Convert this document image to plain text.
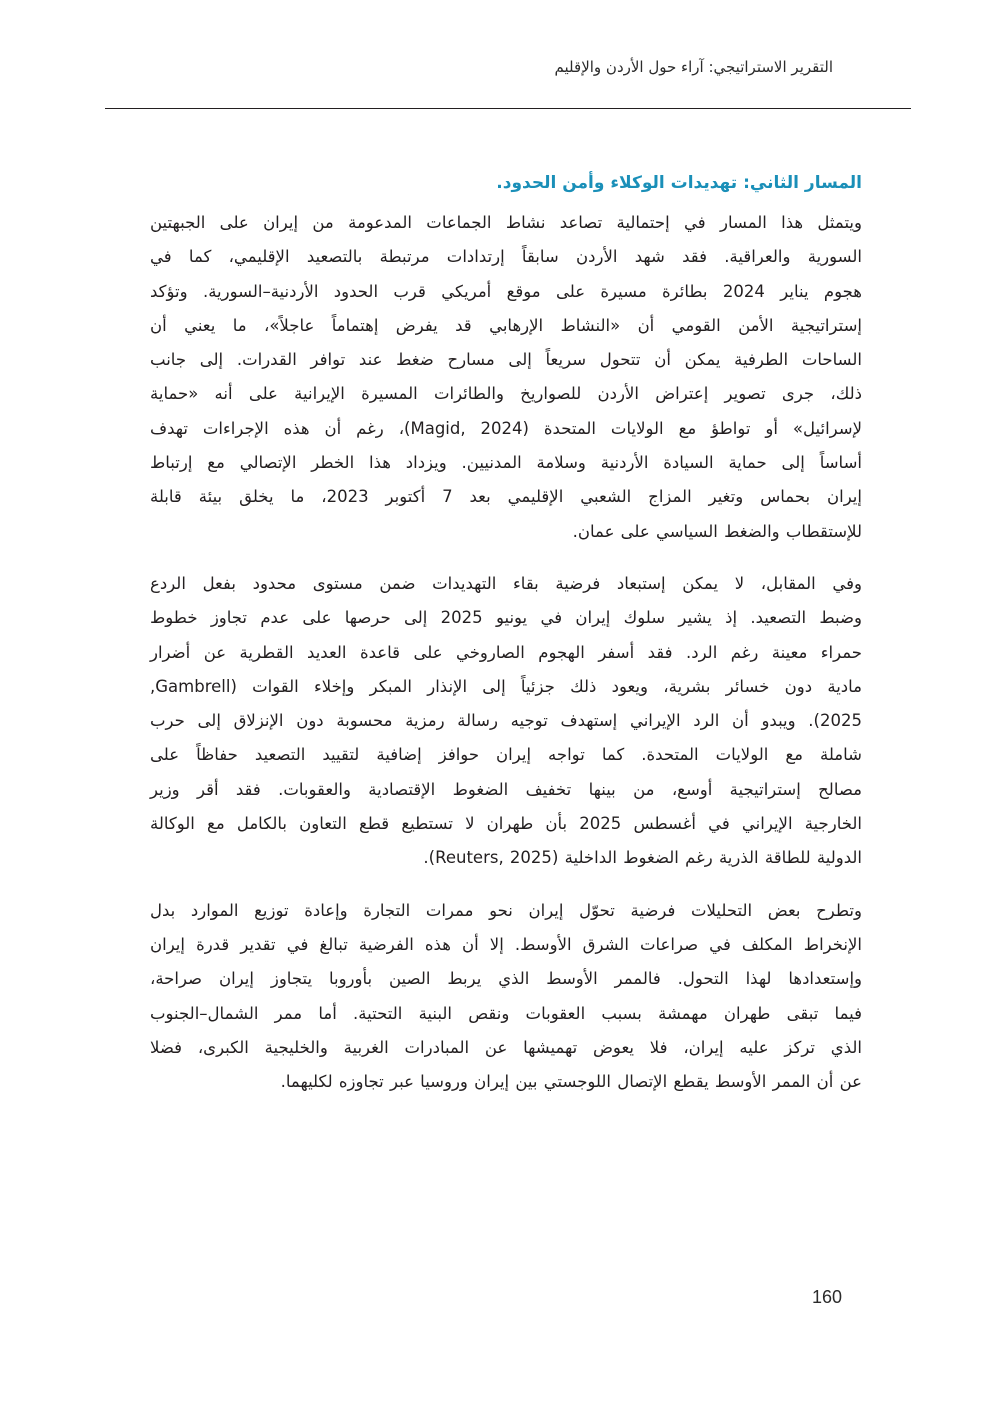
التقرير الاستراتيجي: آراء حول الأردن والإقليم
المسار الثاني: تهديدات الوكلاء وأمن الحدود.
ويتمثل هذا المسار في إحتمالية تصاعد نشاط الجماعات المدعومة من إيران على الجبهتين
السورية والعراقية. فقد شهد الأردن سابقاً إرتدادات مرتبطة بالتصعيد الإقليمي، كما في
هجوم يناير 2024 بطائرة مسيرة على موقع أمريكي قرب الحدود الأردنية–السورية. وتؤكد
إستراتيجية الأمن القومي أن «النشاط الإرهابي قد يفرض إهتماماً عاجلاً»، ما يعني أن
الساحات الطرفية يمكن أن تتحول سريعاً إلى مسارح ضغط عند توافر القدرات. إلى جانب
ذلك، جرى تصوير إعتراض الأردن للصواريخ والطائرات المسيرة الإيرانية على أنه «حماية
لإسرائيل» أو تواطؤ مع الولايات المتحدة (Magid, 2024)، رغم أن هذه الإجراءات تهدف
أساساً إلى حماية السيادة الأردنية وسلامة المدنيين. ويزداد هذا الخطر الإتصالي مع إرتباط
إيران بحماس وتغير المزاج الشعبي الإقليمي بعد 7 أكتوبر 2023، ما يخلق بيئة قابلة
للإستقطاب والضغط السياسي على عمان.
وفي المقابل، لا يمكن إستبعاد فرضية بقاء التهديدات ضمن مستوى محدود بفعل الردع
وضبط التصعيد. إذ يشير سلوك إيران في يونيو 2025 إلى حرصها على عدم تجاوز خطوط
حمراء معينة رغم الرد. فقد أسفر الهجوم الصاروخي على قاعدة العديد القطرية عن أضرار
مادية دون خسائر بشرية، ويعود ذلك جزئياً إلى الإنذار المبكر وإخلاء القوات (Gambrell,
2025). ويبدو أن الرد الإيراني إستهدف توجيه رسالة رمزية محسوبة دون الإنزلاق إلى حرب
شاملة مع الولايات المتحدة. كما تواجه إيران حوافز إضافية لتقييد التصعيد حفاظاً على
مصالح إستراتيجية أوسع، من بينها تخفيف الضغوط الإقتصادية والعقوبات. فقد أقر وزير
الخارجية الإيراني في أغسطس 2025 بأن طهران لا تستطيع قطع التعاون بالكامل مع الوكالة
الدولية للطاقة الذرية رغم الضغوط الداخلية (Reuters, 2025).
وتطرح بعض التحليلات فرضية تحوّل إيران نحو ممرات التجارة وإعادة توزيع الموارد بدل
الإنخراط المكلف في صراعات الشرق الأوسط. إلا أن هذه الفرضية تبالغ في تقدير قدرة إيران
وإستعدادها لهذا التحول. فالممر الأوسط الذي يربط الصين بأوروبا يتجاوز إيران صراحة،
فيما تبقى طهران مهمشة بسبب العقوبات ونقص البنية التحتية. أما ممر الشمال–الجنوب
الذي تركز عليه إيران، فلا يعوض تهميشها عن المبادرات الغربية والخليجية الكبرى، فضلا
عن أن الممر الأوسط يقطع الإتصال اللوجستي بين إيران وروسيا عبر تجاوزه لكليهما.
160
